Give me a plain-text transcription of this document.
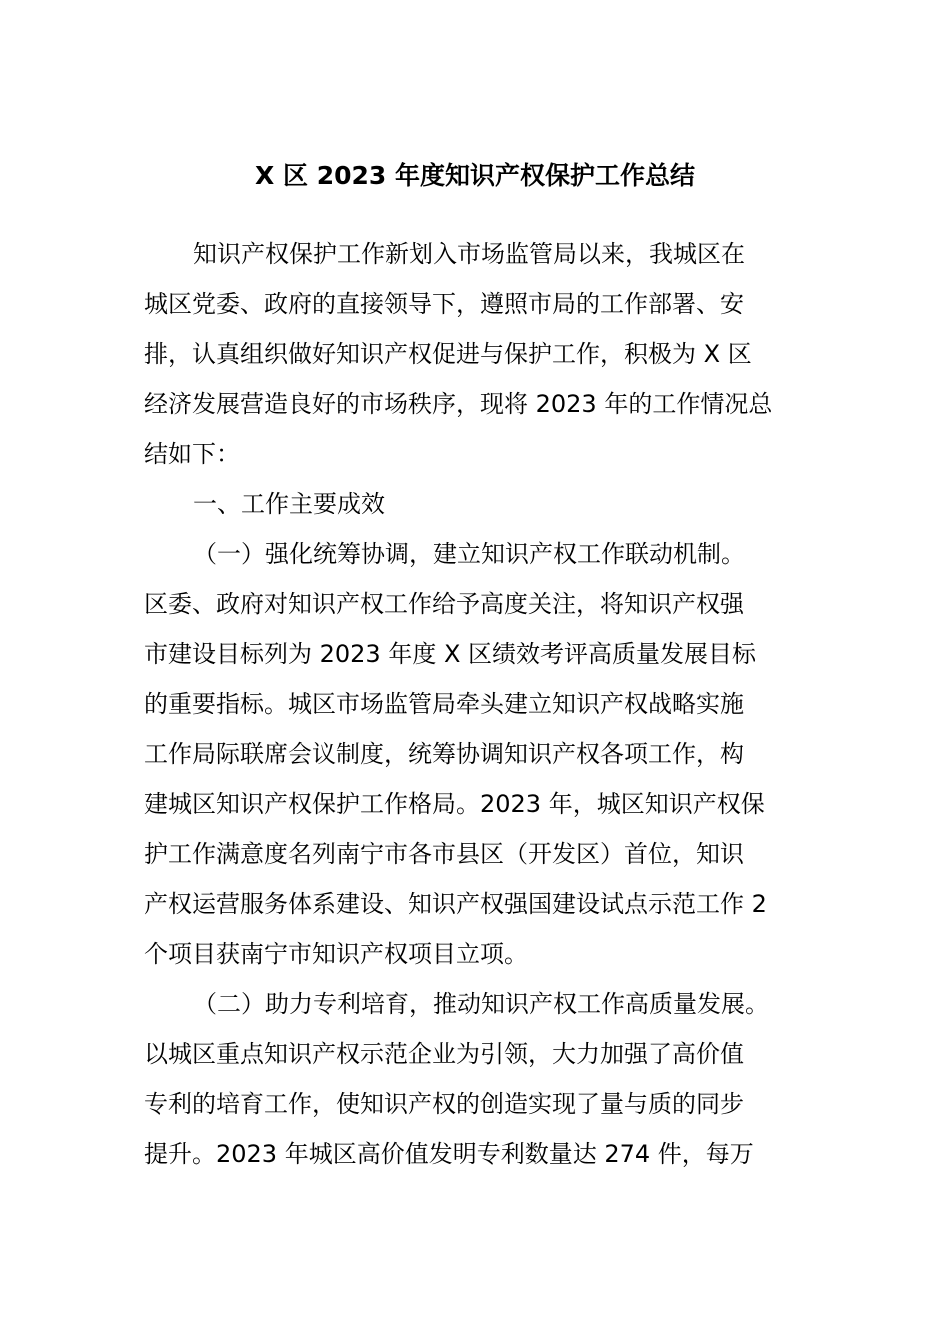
X 区 2023 年度知识产权保护工作总结
知识产权保护工作新划入市场监管局以来，我城区在
城区党委、政府的直接领导下，遵照市局的工作部署、安
排，认真组织做好知识产权促进与保护工作，积极为 X 区
经济发展营造良好的市场秩序，现将 2023 年的工作情况总
结如下：
一、工作主要成效
（一）强化统筹协调，建立知识产权工作联动机制。
区委、政府对知识产权工作给予高度关注，将知识产权强
市建设目标列为 2023 年度 X 区绩效考评高质量发展目标
的重要指标。城区市场监管局牵头建立知识产权战略实施
工作局际联席会议制度，统筹协调知识产权各项工作，构
建城区知识产权保护工作格局。2023 年，城区知识产权保
护工作满意度名列南宁市各市县区（开发区）首位，知识
产权运营服务体系建设、知识产权强国建设试点示范工作 2
个项目获南宁市知识产权项目立项。
（二）助力专利培育，推动知识产权工作高质量发展。
以城区重点知识产权示范企业为引领，大力加强了高价值
专利的培育工作，使知识产权的创造实现了量与质的同步
提升。2023 年城区高价值发明专利数量达 274 件，每万
